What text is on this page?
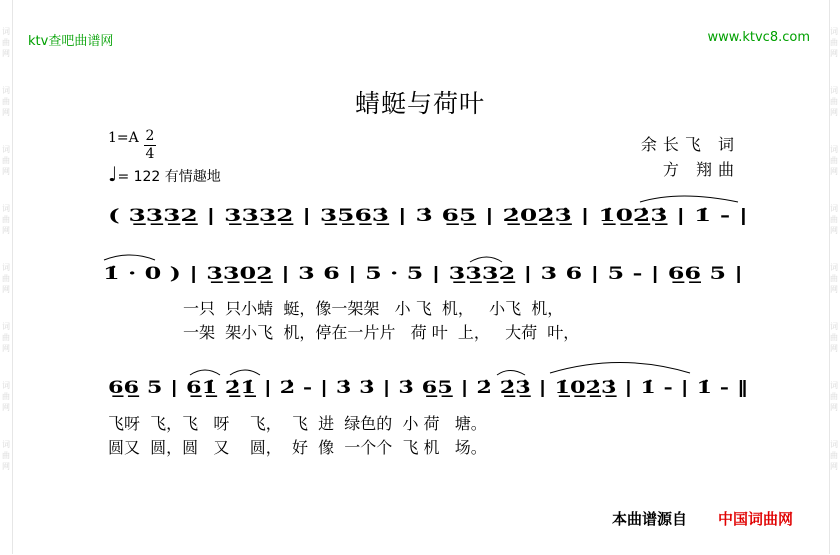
词
曲
网
词
曲
网
词
曲
网
词
曲
网
词
曲
网
词
曲
网
词
曲
网
词
曲
网
词
曲
网
词
曲
网
词
曲
网
词
曲
网
词
曲
网
词
曲
网
词
曲
网
词
曲
网
ktv查吧曲谱网	www.ktvc8.com
蜻蜓与荷叶
余长飞 词
方 翔曲
$1=A \frac{2}{4}$
♩= 122 有情趣地
( 3̲3̲3̲2̲ | 3̲3̲3̲2̲ | 3̲5̲6̲3̲̇ | 3̇ 6̲5̲ | 2̲̇0̲2̲̇3̲̇ | 1̲̇0̲2̲̇3̲̇ | 1̇ - |
1̇ · 0 ) | 3̲3̲0̲2̲ | 3 6 | 5 · 5 | 3̲3̲3̲2̲ | 3 6 | 5 - | 6̲6̲ 5 |
6̲6̲ 5 | 6̲1̲̇ 2̲̇1̲̇ | 2̇ - | 3̇ 3̇ | 3̇ 6̲5̲ | 2̇ 2̲̇3̲̇ | 1̲̇0̲2̲̇3̲̇ | 1̇ - | 1̇ - ‖
一只  只小蜻  蜓，像一架架   小 飞  机，   小飞  机，
一架  架小飞  机，停在一片片   荷 叶  上，   大荷  叶，
飞呀  飞，飞   呀    飞，  飞  进  绿色的  小 荷   塘。
圆又  圆，圆   又    圆，  好  像  一个个  飞 机   场。
本曲谱源自 中国词曲网
